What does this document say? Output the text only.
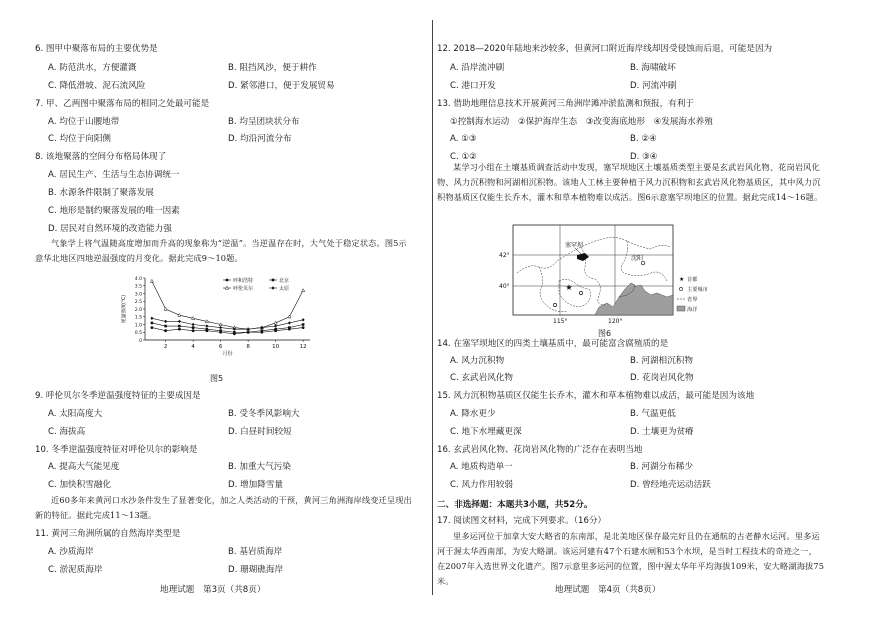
6. 图甲中聚落布局的主要优势是
A. 防范洪水，方便灌溉	B. 阻挡风沙，便于耕作
C. 降低滑坡、泥石流风险	D. 紧邻港口，便于发展贸易
7. 甲、乙两图中聚落布局的相同之处最可能是
A. 均位于山腰地带	B. 均呈团块状分布
C. 均位于向阳侧	D. 均沿河流分布
8. 该地聚落的空间分布格局体现了
A. 居民生产、生活与生态协调统一
B. 水源条件限制了聚落发展
C. 地形是制约聚落发展的唯一因素
D. 居民对自然环境的改造能力强
气象学上将气温随高度增加而升高的现象称为“逆温”。当逆温存在时，大气处于稳定状态。图5示意华北地区四地逆温强度的月变化。据此完成9～10题。
0
0.5
1.0
1.5
2.0
2.5
3.0
3.5
4.0
2	4	6	8	10	12
月份
逆温强度(℃)
呼和浩特	北京
呼伦贝尔	太原
图5
9. 呼伦贝尔冬季逆温强度特征的主要成因是
A. 太阳高度大	B. 受冬季风影响大
C. 海拔高	D. 白昼时间较短
10. 冬季逆温强度特征对呼伦贝尔的影响是
A. 提高大气能见度	B. 加重大气污染
C. 加快积雪融化	D. 增加降雪量
近60多年来黄河口水沙条件发生了显著变化，加之人类活动的干预，黄河三角洲海岸线变迁呈现出新的特征。据此完成11～13题。
11. 黄河三角洲所属的自然海岸类型是
A. 沙质海岸	B. 基岩质海岸
C. 淤泥质海岸	D. 珊瑚礁海岸
地理试题　第3页（共8页）
12. 2018—2020年陆地来沙较多，但黄河口附近海岸线却因受侵蚀而后退，可能是因为
A. 沿岸流冲刷	B. 海啸破坏
C. 港口开发	D. 河流冲刷
13. 借助地理信息技术开展黄河三角洲岸滩冲淤监测和预报，有利于
①控制海水运动　②保护海岸生态　③改变海底地形　④发展海水养殖
A. ①③	B. ②④
C. ①②	D. ③④
某学习小组在土壤基质调查活动中发现，塞罕坝地区土壤基质类型主要是玄武岩风化物、花岗岩风化物、风力沉积物和河湖相沉积物。该地人工林主要种植于风力沉积物和玄武岩风化物基质区，其中风力沉积物基质区仅能生长乔木，灌木和草本植物难以成活。图6示意塞罕坝地区的位置。据此完成14～16题。
塞罕坝
★
沈阳
42°
40°
115°	120°
★ 首都
主要城市
省界
海洋
图6
14. 在塞罕坝地区的四类土壤基质中，最可能富含腐殖质的是
A. 风力沉积物	B. 河湖相沉积物
C. 玄武岩风化物	D. 花岗岩风化物
15. 风力沉积物基质区仅能生长乔木，灌木和草本植物难以成活，最可能是因为该地
A. 降水更少	B. 气温更低
C. 地下水埋藏更深	D. 土壤更为贫瘠
16. 玄武岩风化物、花岗岩风化物的广泛存在表明当地
A. 地质构造单一	B. 河湖分布稀少
C. 风力作用较弱	D. 曾经地壳运动活跃
二、非选择题：本题共3小题，共52分。
17. 阅读图文材料，完成下列要求。（16分）
里多运河位于加拿大安大略省的东南部，是北美地区保存最完好且仍在通航的古老静水运河。里多运河于渥太华西南部，为安大略湖。该运河建有47个石建水闸和53个水坝，是当时工程技术的奇迹之一，在2007年入选世界文化遗产。图7示意里多运河的位置，图中渥太华年平均海拔109米，安大略湖海拔75米。
地理试题　第4页（共8页）
